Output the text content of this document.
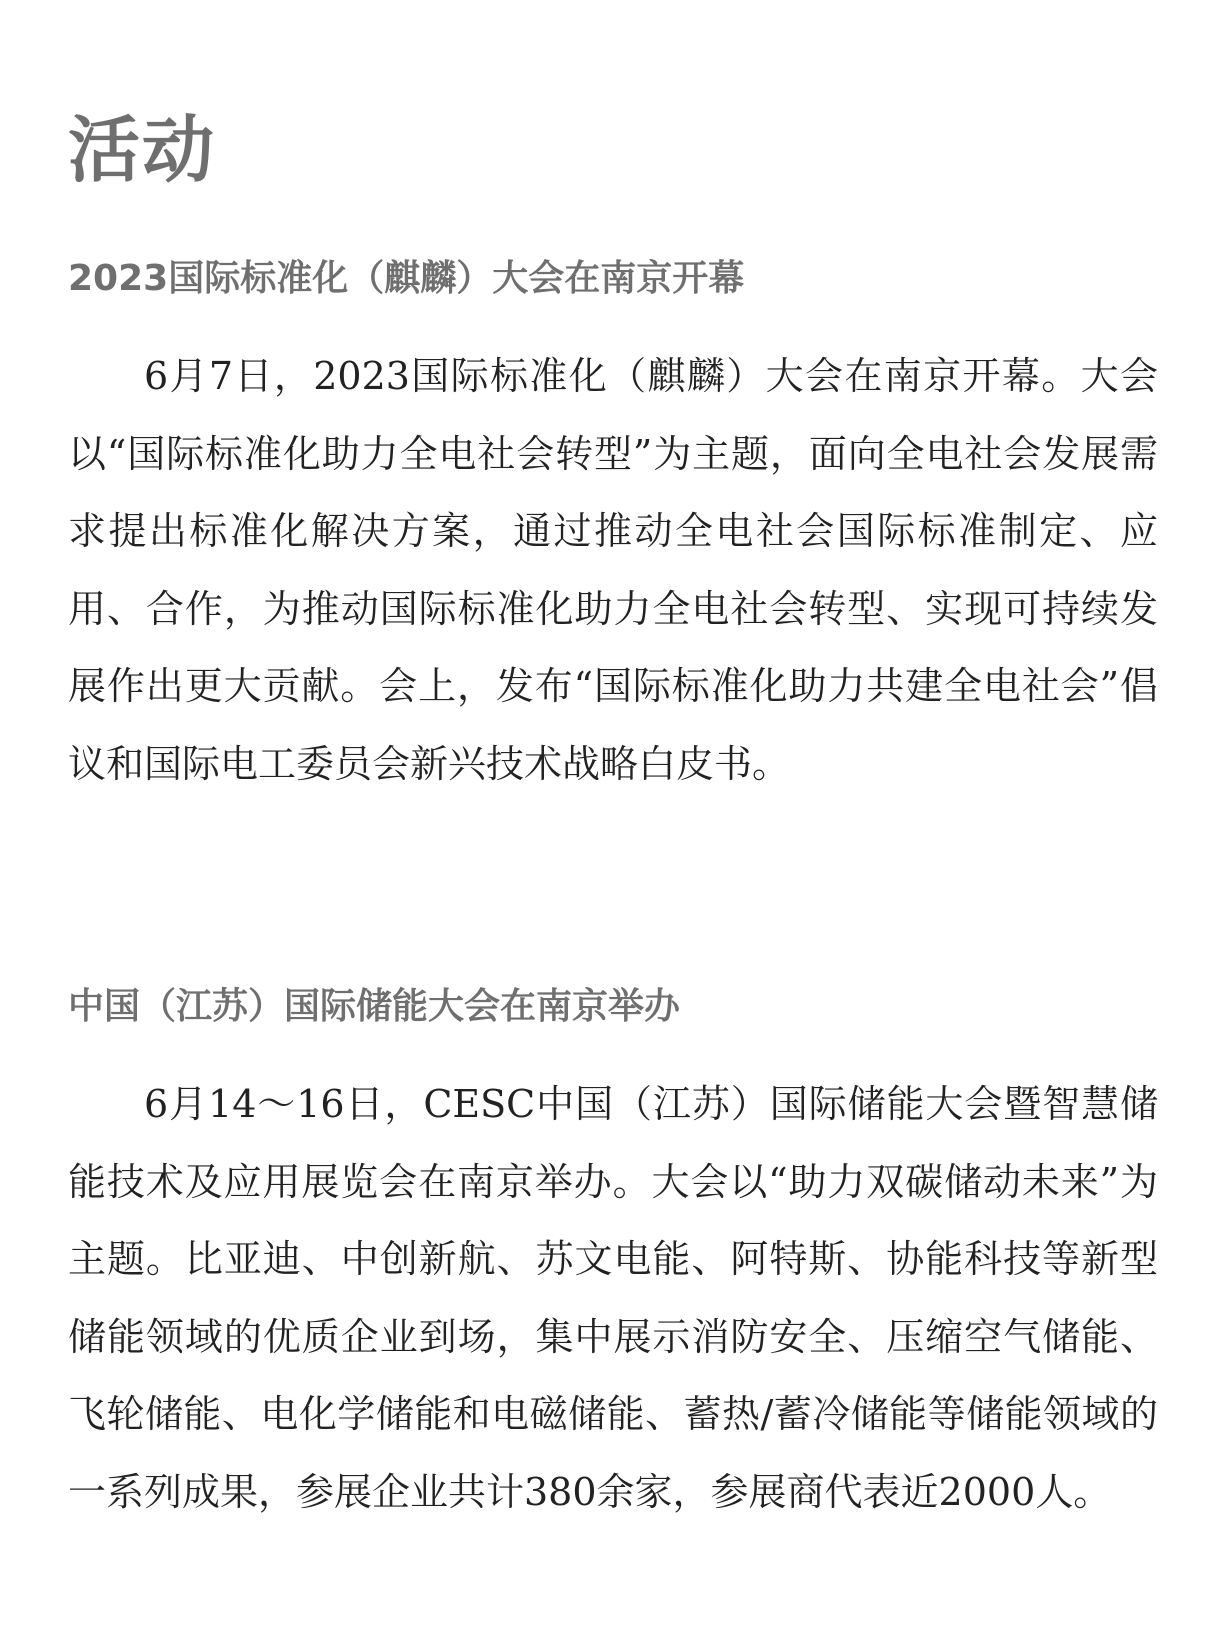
活动
2023国际标准化（麒麟）大会在南京开幕

6月7日，2023国际标准化（麒麟）大会在南京开幕。大会以“国际标准化助力全电社会转型”为主题，面向全电社会发展需求提出标准化解决方案，通过推动全电社会国际标准制定、应用、合作，为推动国际标准化助力全电社会转型、实现可持续发展作出更大贡献。会上，发布“国际标准化助力共建全电社会”倡议和国际电工委员会新兴技术战略白皮书。

中国（江苏）国际储能大会在南京举办

6月14～16日，CESC中国（江苏）国际储能大会暨智慧储能技术及应用展览会在南京举办。大会以“助力双碳储动未来”为主题。比亚迪、中创新航、苏文电能、阿特斯、协能科技等新型储能领域的优质企业到场，集中展示消防安全、压缩空气储能、飞轮储能、电化学储能和电磁储能、蓄热/蓄冷储能等储能领域的一系列成果，参展企业共计380余家，参展商代表近2000人。
